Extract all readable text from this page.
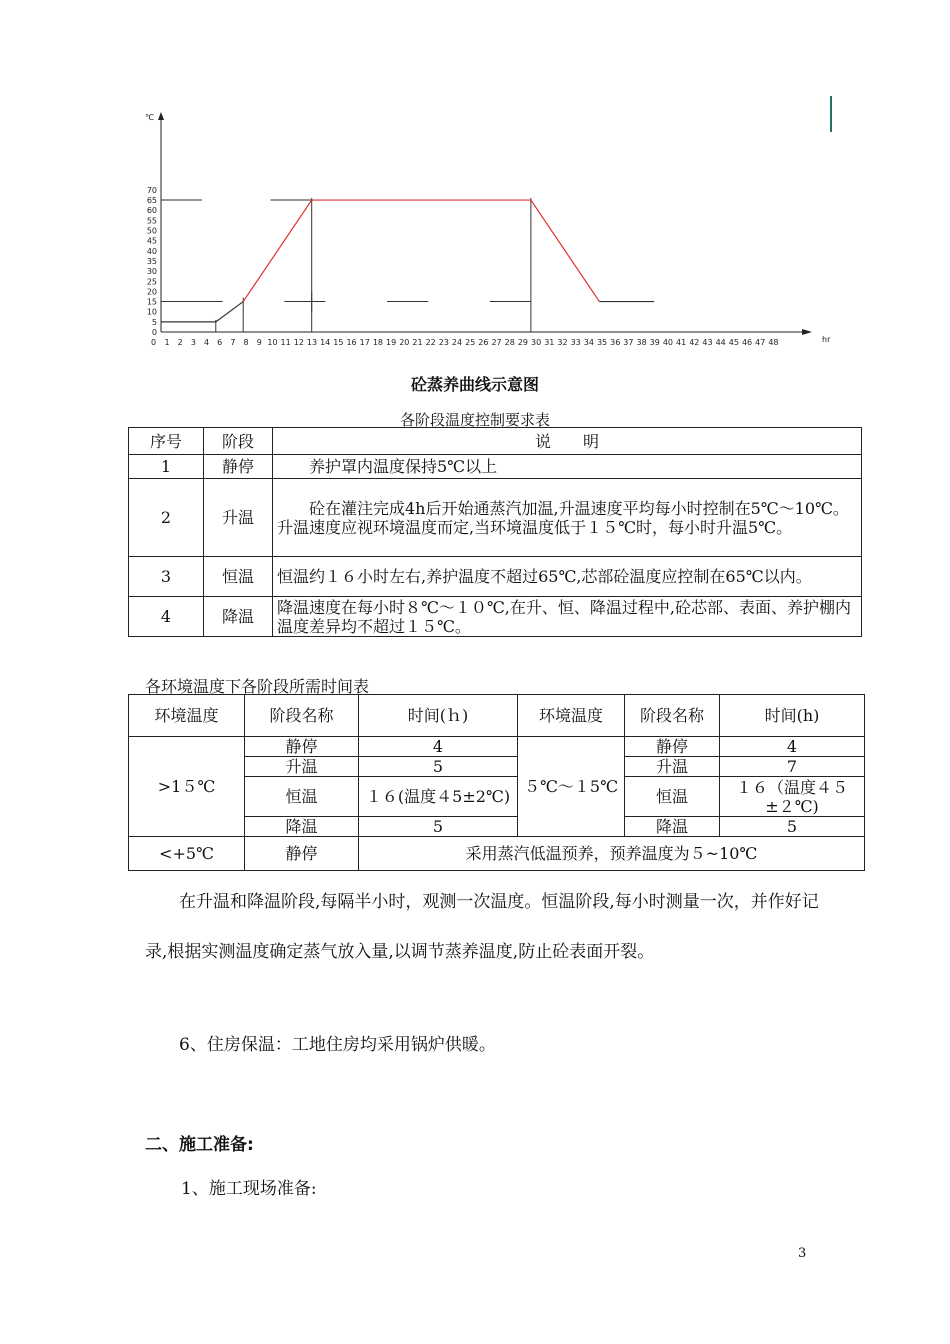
℃
hr
0
5
10
15
20
25
30
35
40
45
50
55
60
65
70
0 1 2 3 4 6 7 8 9 10 11 12 13 14 15 16 17 18 19 20 21 22 23 24 25 26 27 28 29 30 31 32 33 34 35 36 37 38 39 40 41 42 43 44 45 46 47 48
砼蒸养曲线示意图
各阶段温度控制要求表
序号	阶段	说　　明
1	静停	　　养护罩内温度保持5℃以上
2	升温	　　砼在灌注完成4h后开始通蒸汽加温,升温速度平均每小时控制在5℃～10℃。升温速度应视环境温度而定,当环境温度低于１５℃时，每小时升温5℃。
3	恒温	恒温约１６小时左右,养护温度不超过65℃,芯部砼温度应控制在65℃以内。
4	降温	降温速度在每小时８℃～１０℃,在升、恒、降温过程中,砼芯部、表面、养护棚内温度差异均不超过１５℃。
各环境温度下各阶段所需时间表
环境温度	阶段名称	时间(ｈ)	环境温度	阶段名称	时间(h)
>1５℃	静停	4	５℃～１5℃	静停	4
	升温	5		升温	7
	恒温	１６(温度４5±2℃)		恒温	１６（温度４５±２℃)
	降温	5		降温	5
<+5℃	静停	采用蒸汽低温预养，预养温度为５~10℃			
在升温和降温阶段,每隔半小时，观测一次温度。恒温阶段,每小时测量一次，并作好记录,根据实测温度确定蒸气放入量,以调节蒸养温度,防止砼表面开裂。
6、住房保温：工地住房均采用锅炉供暖。
二、施工准备:
1、施工现场准备:
3
